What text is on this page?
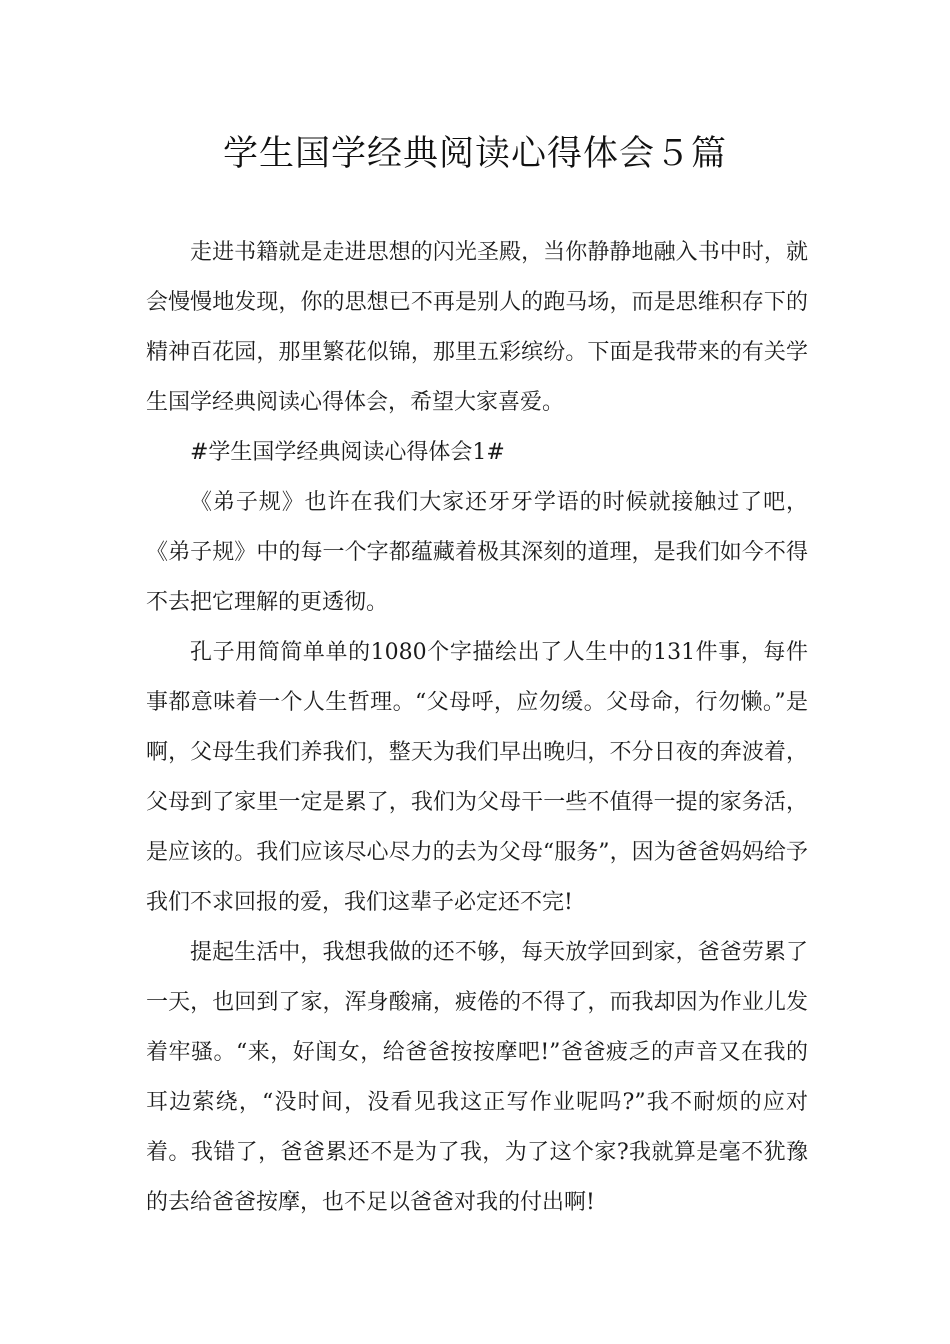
学生国学经典阅读心得体会５篇

走进书籍就是走进思想的闪光圣殿，当你静静地融入书中时，就会慢慢地发现，你的思想已不再是别人的跑马场，而是思维积存下的精神百花园，那里繁花似锦，那里五彩缤纷。下面是我带来的有关学生国学经典阅读心得体会，希望大家喜爱。

#学生国学经典阅读心得体会1#

《弟子规》也许在我们大家还牙牙学语的时候就接触过了吧，《弟子规》中的每一个字都蕴藏着极其深刻的道理，是我们如今不得不去把它理解的更透彻。

孔子用简简单单的1080个字描绘出了人生中的131件事，每件事都意味着一个人生哲理。“父母呼，应勿缓。父母命，行勿懒。”是啊，父母生我们养我们，整天为我们早出晚归，不分日夜的奔波着，父母到了家里一定是累了，我们为父母干一些不值得一提的家务活，是应该的。我们应该尽心尽力的去为父母“服务”，因为爸爸妈妈给予我们不求回报的爱，我们这辈子必定还不完!

提起生活中，我想我做的还不够，每天放学回到家，爸爸劳累了一天，也回到了家，浑身酸痛，疲倦的不得了，而我却因为作业儿发着牢骚。“来，好闺女，给爸爸按按摩吧!”爸爸疲乏的声音又在我的耳边萦绕，“没时间，没看见我这正写作业呢吗?”我不耐烦的应对着。我错了，爸爸累还不是为了我，为了这个家?我就算是毫不犹豫的去给爸爸按摩，也不足以爸爸对我的付出啊!
